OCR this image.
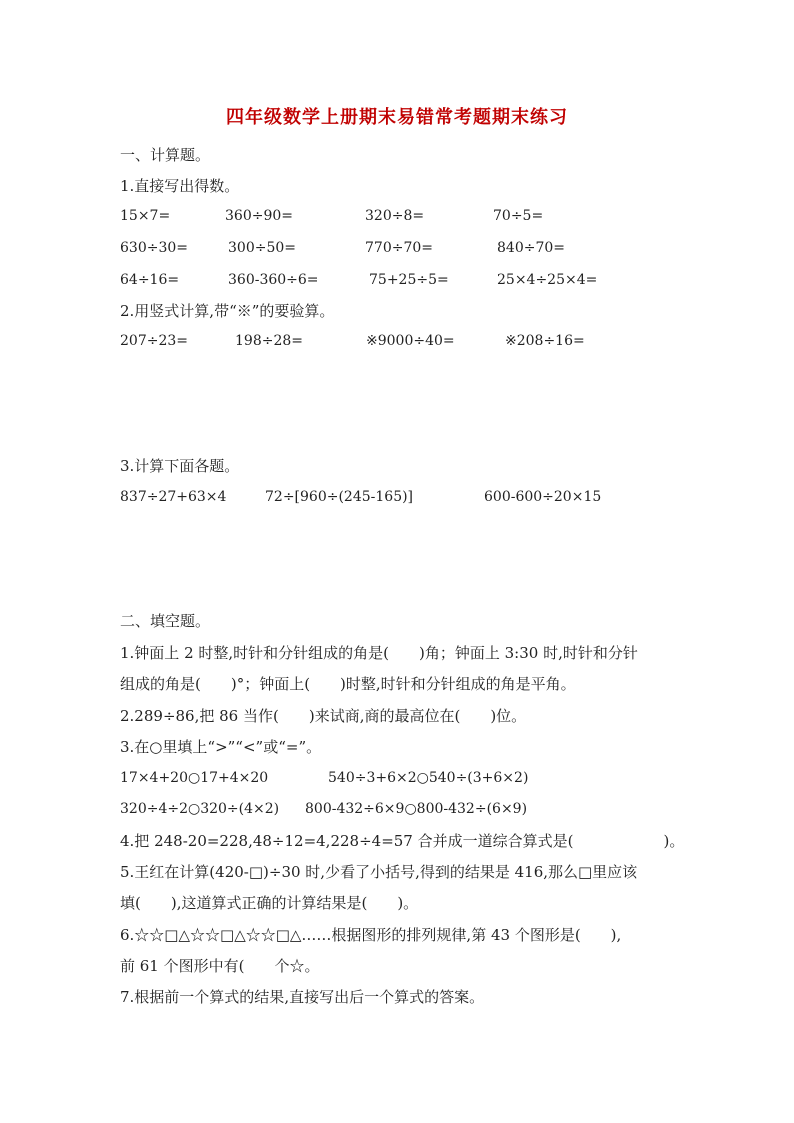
四年级数学上册期末易错常考题期末练习
一、计算题。
1.直接写出得数。
15×7=	360÷90=	320÷8=	70÷5=
630÷30=	300÷50=	770÷70=	840÷70=
64÷16=	360-360÷6=	75+25÷5=	25×4÷25×4=
2.用竖式计算,带“※”的要验算。
207÷23=	198÷28=	※9000÷40=	※208÷16=
3.计算下面各题。
837÷27+63×4	72÷[960÷(245-165)]	600-600÷20×15
二、填空题。
1.钟面上 2 时整,时针和分针组成的角是(　　)角；钟面上 3:30 时,时针和分针
组成的角是(　　)°；钟面上(　　)时整,时针和分针组成的角是平角。
2.289÷86,把 86 当作(　　)来试商,商的最高位在(　　)位。
3.在○里填上“>”“<”或“=”。
17×4+20○17+4×20	540÷3+6×2○540÷(3+6×2)
320÷4÷2○320÷(4×2) 800-432÷6×9○800-432÷(6×9)
4.把 248-20=228,48÷12=4,228÷4=57 合并成一道综合算式是(　　　　　　)。
5.王红在计算(420-□)÷30 时,少看了小括号,得到的结果是 416,那么□里应该
填(　　),这道算式正确的计算结果是(　　)。
6.☆☆□△☆☆□△☆☆□△……根据图形的排列规律,第 43 个图形是(　　),
前 61 个图形中有(　　个☆。
7.根据前一个算式的结果,直接写出后一个算式的答案。
